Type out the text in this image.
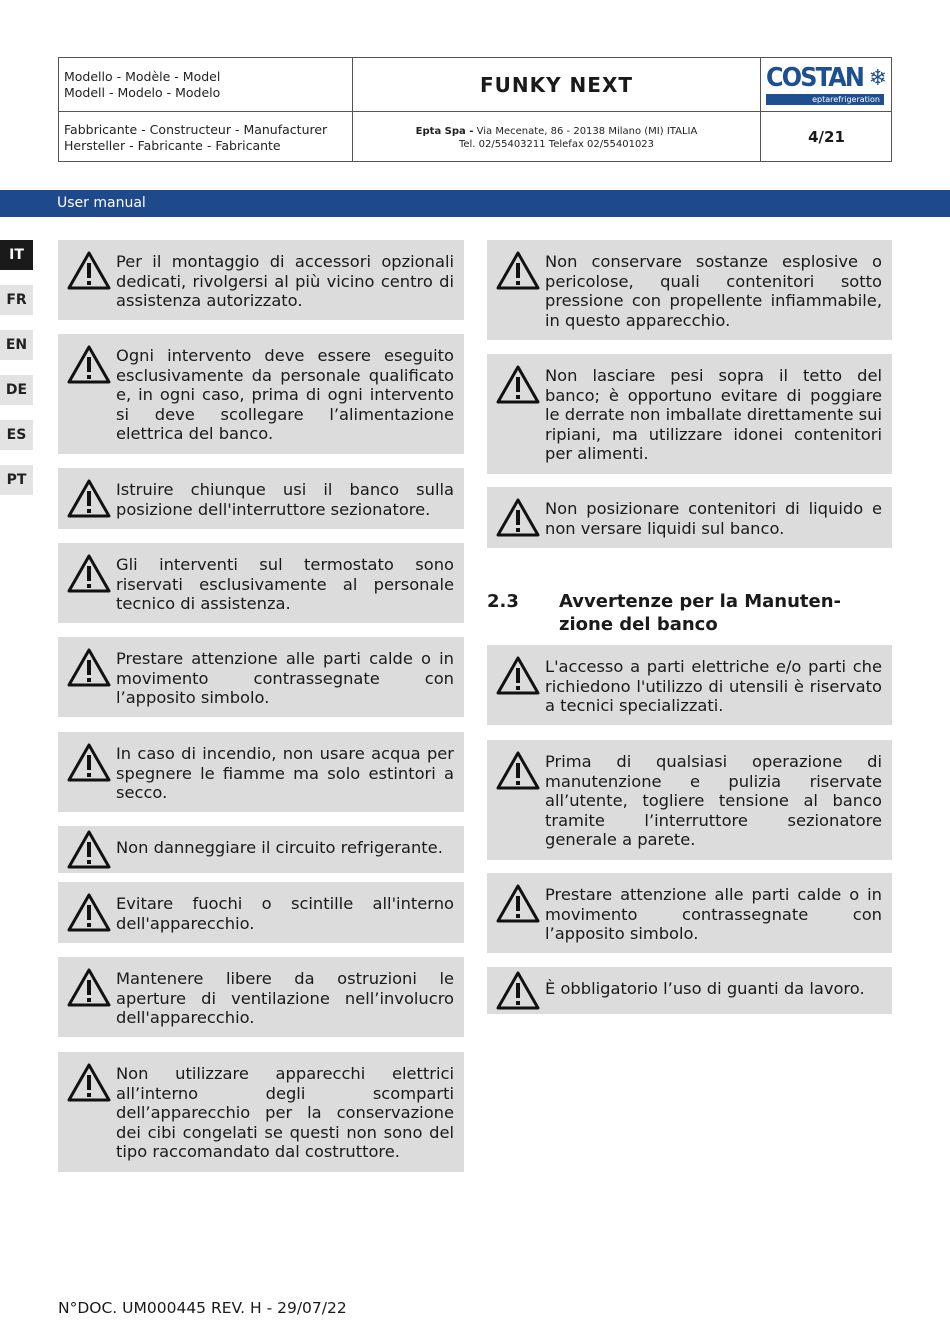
Modello - Modèle - Model
Modell - Modelo - Modelo	FUNKY NEXT
Fabbricante - Constructeur - Manufacturer
Hersteller - Fabricante - Fabricante
Epta Spa - Via Mecenate, 86 - 20138 Milano (MI) ITALIA
Tel. 02/55403211 Telefax 02/55401023	4/21
COSTAN ❄
eptarefrigeration
User manual
IT
FR
EN
DE
ES
PT
Per il montaggio di accessori opzionali dedicati, rivolgersi al più vicino centro di assistenza autorizzato.
Ogni intervento deve essere eseguito esclusivamente da personale qualificato e, in ogni caso, prima di ogni intervento si deve scollegare l’alimentazione elettrica del banco.
Istruire chiunque usi il banco sulla posizione dell'interruttore sezionatore.
Gli interventi sul termostato sono riservati esclusivamente al personale tecnico di assistenza.
Prestare attenzione alle parti calde o in movimento contrassegnate con l’apposito simbolo.
In caso di incendio, non usare acqua per spegnere le fiamme ma solo estintori a secco.
Non danneggiare il circuito refrigerante.
Evitare fuochi o scintille all'interno dell'apparecchio.
Mantenere libere da ostruzioni le aperture di ventilazione nell’involucro dell'apparecchio.
Non utilizzare apparecchi elettrici all’interno degli scomparti dell’apparecchio per la conservazione dei cibi congelati se questi non sono del tipo raccomandato dal costruttore.
Non conservare sostanze esplosive o pericolose, quali contenitori sotto pressione con propellente infiammabile, in questo apparecchio.
Non lasciare pesi sopra il tetto del banco; è opportuno evitare di poggiare le derrate non imballate direttamente sui ripiani, ma utilizzare idonei contenitori per alimenti.
Non posizionare contenitori di liquido e non versare liquidi sul banco.
2.3 Avvertenze per la Manuten-
zione del banco
L'accesso a parti elettriche e/o parti che richiedono l'utilizzo di utensili è riservato a tecnici specializzati.
Prima di qualsiasi operazione di manutenzione e pulizia riservate all’utente, togliere tensione al banco tramite l’interruttore sezionatore generale a parete.
Prestare attenzione alle parti calde o in movimento contrassegnate con l’apposito simbolo.
È obbligatorio l’uso di guanti da lavoro.
N°DOC. UM000445 REV. H - 29/07/22
